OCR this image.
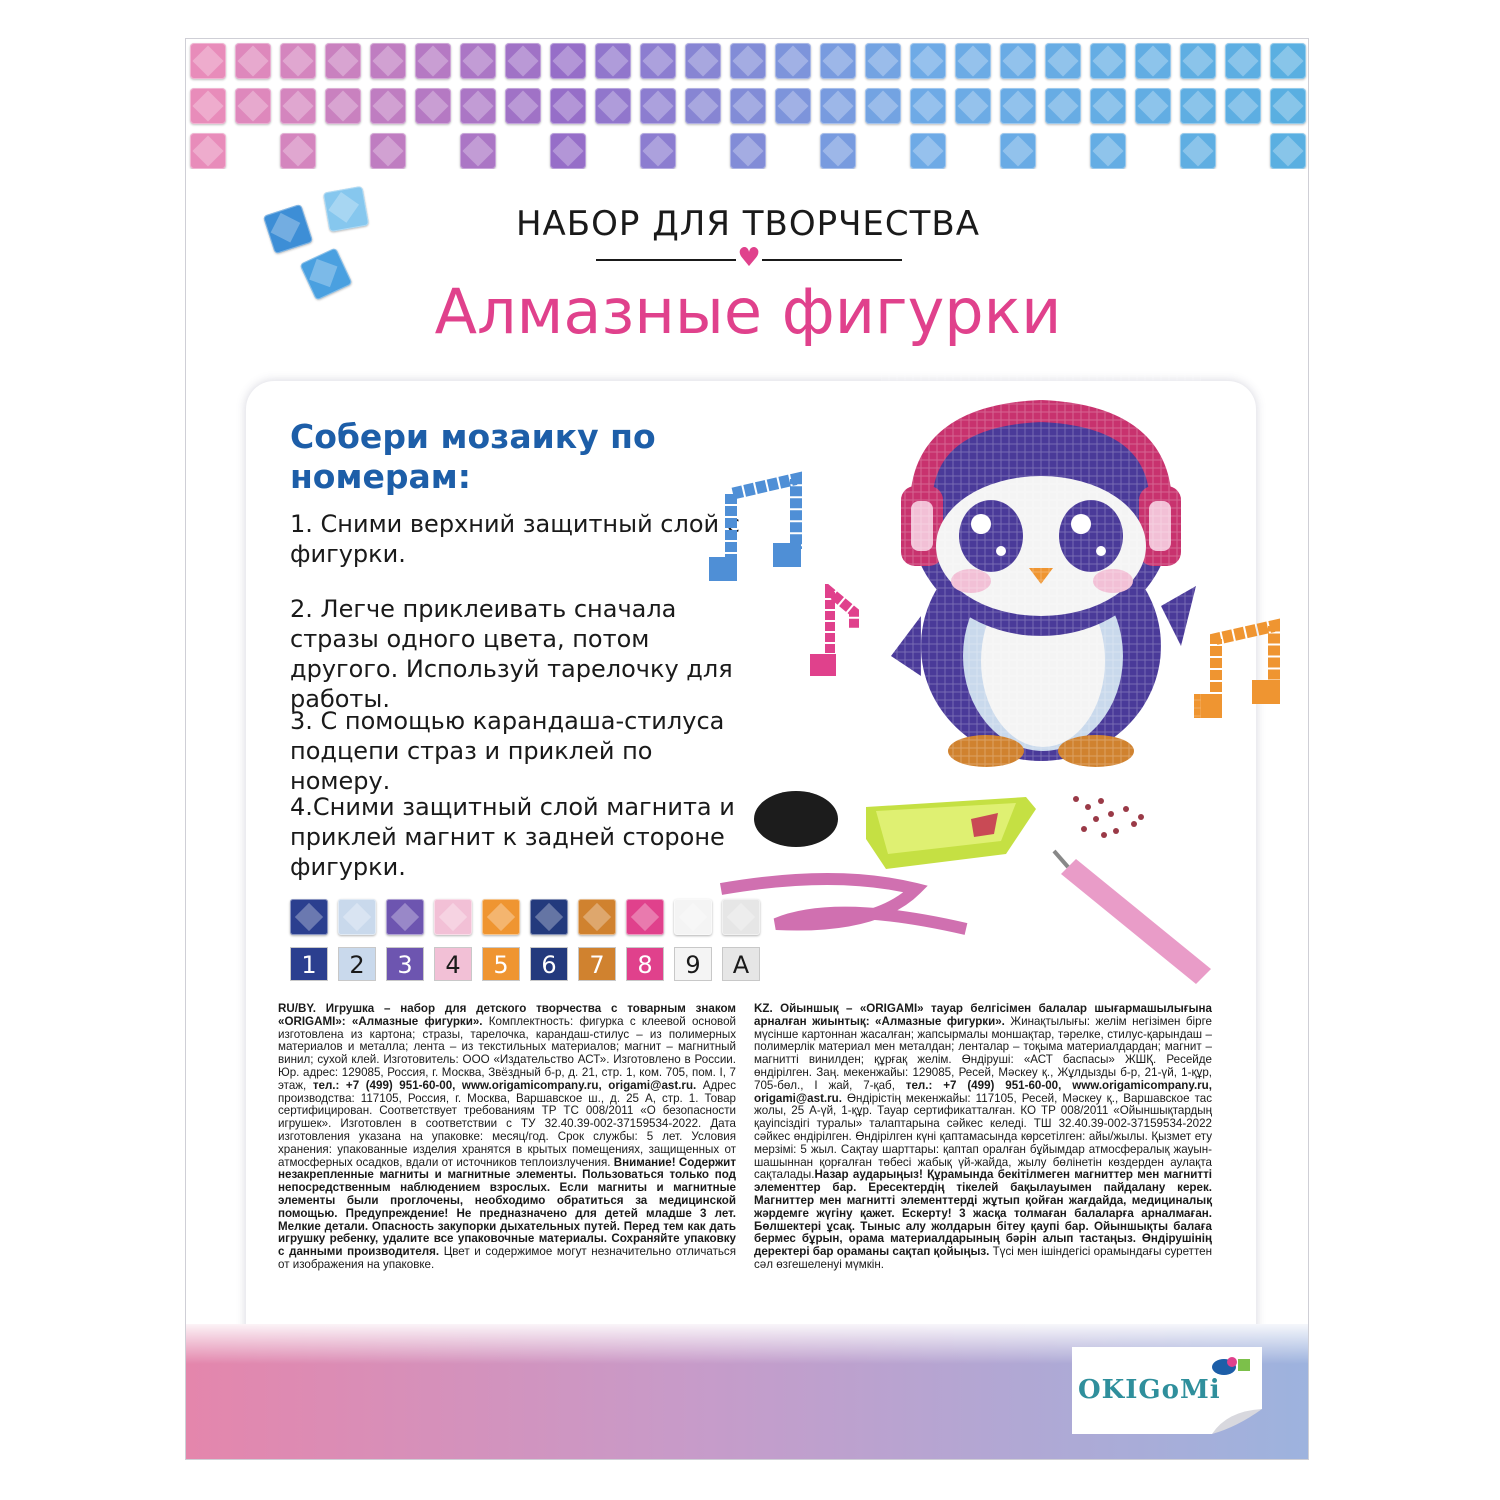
НАБОР ДЛЯ ТВОРЧЕСТВА
♥
Алмазные фигурки
Собери мозаику по номерам:
1. Сними верхний защитный слой с фигурки.
2. Легче приклеивать сначала стразы одного цвета, потом другого. Используй тарелочку для работы.
3. С помощью карандаша-стилуса подцепи страз и приклей по номеру.
4.Сними защитный слой магнита и приклей магнит к задней стороне фигурки.
1	2	3	4	5	6	7	8	9	A

RU/BY. Игрушка – набор для детского творчества с товарным знаком «ORIGAMI»: «Алмазные фигурки». Комплектность: фигурка с клеевой основой изготовлена из картона; стразы, тарелочка, карандаш-стилус – из полимерных материалов и металла; лента – из текстильных материалов; магнит – магнитный винил; сухой клей. Изготовитель: ООО «Издательство АСТ». Изготовлено в России. Юр. адрес: 129085, Россия, г. Москва, Звёздный б-р, д. 21, стр. 1, ком. 705, пом. I, 7 этаж, тел.: +7 (499) 951-60-00, www.origamicompany.ru, origami@ast.ru. Адрес производства: 117105, Россия, г. Москва, Варшавское ш., д. 25 А, стр. 1. Товар сертифицирован. Соответствует требованиям ТР ТС 008/2011 «О безопасности игрушек». Изготовлен в соответствии с ТУ 32.40.39-002-37159534-2022. Дата изготовления указана на упаковке: месяц/год. Срок службы: 5 лет. Условия хранения: упакованные изделия хранятся в крытых помещениях, защищенных от атмосферных осадков, вдали от источников теплоизлучения. Внимание! Содержит незакрепленные магниты и магнитные элементы. Пользоваться только под непосредственным наблюдением взрослых. Если магниты и магнитные элементы были проглочены, необходимо обратиться за медицинской помощью. Предупреждение! Не предназначено для детей младше 3 лет. Мелкие детали. Опасность закупорки дыхательных путей. Перед тем как дать игрушку ребенку, удалите все упаковочные материалы. Сохраняйте упаковку с данными производителя. Цвет и содержимое могут незначительно отличаться от изображения на упаковке.

KZ. Ойыншық – «ORIGAMI» тауар белгісімен балалар шығармашылығына арналған жиынтық: «Алмазные фигурки». Жинақтылығы: желім негізімен бірге мүсінше картоннан жасалған; жапсырмалы моншақтар, тәрелке, стилус-қарындаш – полимерлік материал мен металдан; ленталар – тоқыма материалдардан; магнит – магнитті винилден; құрғақ желім. Өндіруші: «АСТ баспасы» ЖШҚ. Ресейде өндірілген. Заң. мекенжайы: 129085, Ресей, Мәскеу қ., Жұлдызды б-р, 21-үй, 1-құр, 705-бөл., I жай, 7-қаб, тел.: +7 (499) 951-60-00, www.origamicompany.ru, origami@ast.ru. Өндірістің мекенжайы: 117105, Ресей, Мәскеу қ., Варшавское тас жолы, 25 А-үй, 1-құр. Тауар сертификатталған. КО ТР 008/2011 «Ойыншықтардың қауіпсіздігі туралы» талаптарына сәйкес келеді. ТШ 32.40.39-002-37159534-2022 сәйкес өндірілген. Өндірілген күні қаптамасында көрсетілген: айы/жылы. Қызмет ету мерзімі: 5 жыл. Сақтау шарттары: қаптап оралған бұйымдар атмосфералық жауын-шашыннан қорғалған төбесі жабық үй-жайда, жылу бөлінетін көздерден аулақта сақталады.Назар аударыңыз! Құрамында бекітілмеген магниттер мен магнитті элементтер бар. Ересектердің тікелей бақылауымен пайдалану керек. Магниттер мен магнитті элементтерді жұтып қойған жағдайда, медициналық жәрдемге жүгіну қажет. Ескерту! 3 жасқа толмаған балаларға арналмаған. Бөлшектері ұсақ. Тыныс алу жолдарын бітеу қаупі бар. Ойыншықты балаға бермес бұрын, орама материалдарының бәрін алып тастаңыз. Өндірушінің деректері бар ораманы сақтап қойыңыз. Түсі мен ішіндегісі орамындағы суреттен сәл өзгешеленуі мүмкін.

OKIGoMi
